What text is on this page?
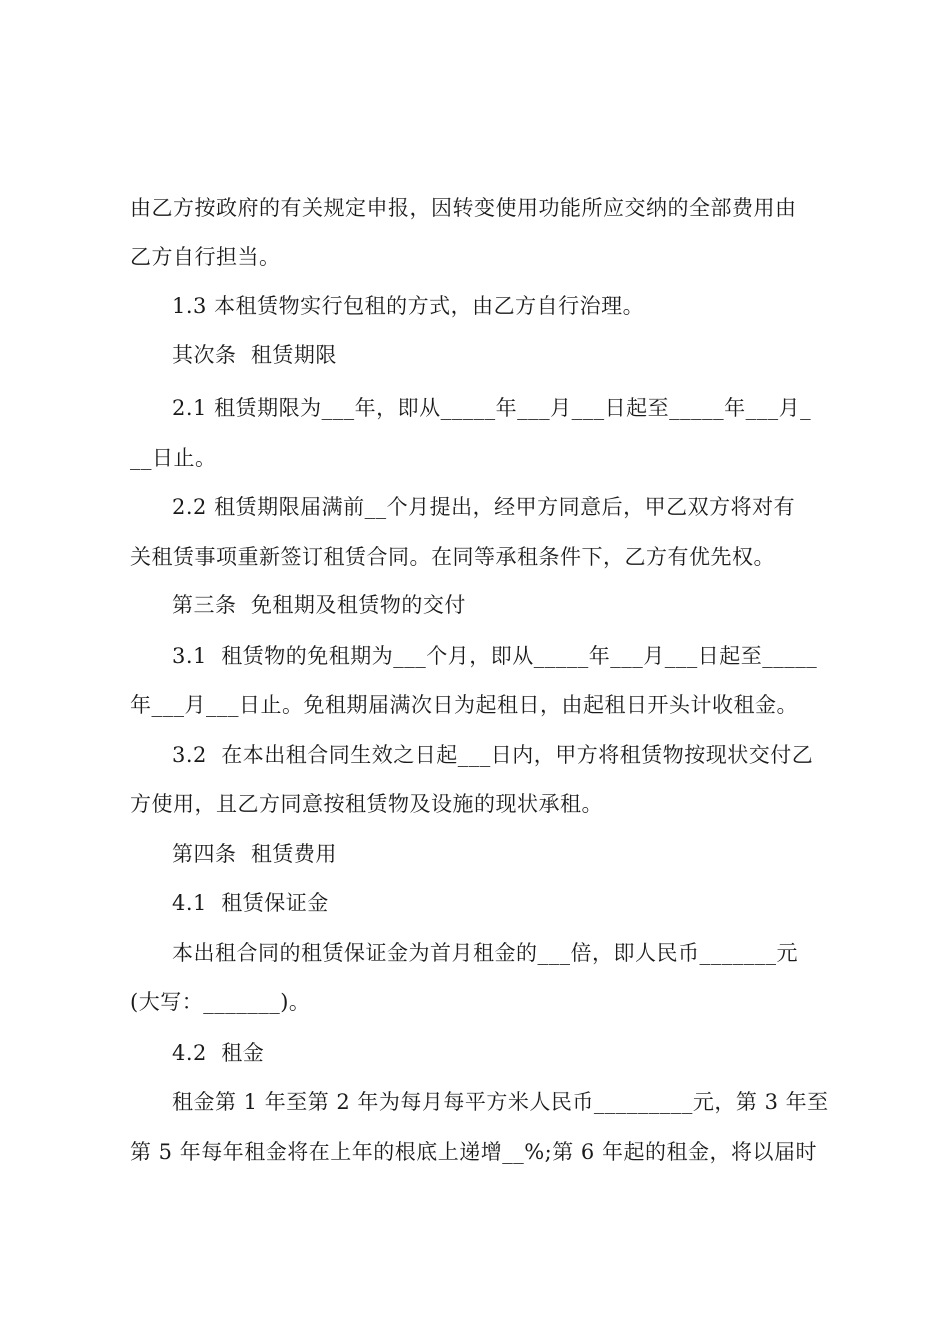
由乙方按政府的有关规定申报，因转变使用功能所应交纳的全部费用由
乙方自行担当。
1.3 本租赁物实行包租的方式，由乙方自行治理。
其次条  租赁期限
2.1 租赁期限为___年，即从_____年___月___日起至_____年___月_
__日止。
2.2 租赁期限届满前__个月提出，经甲方同意后，甲乙双方将对有
关租赁事项重新签订租赁合同。在同等承租条件下，乙方有优先权。
第三条  免租期及租赁物的交付
3.1  租赁物的免租期为___个月，即从_____年___月___日起至_____
年___月___日止。免租期届满次日为起租日，由起租日开头计收租金。
3.2  在本出租合同生效之日起___日内，甲方将租赁物按现状交付乙
方使用，且乙方同意按租赁物及设施的现状承租。
第四条  租赁费用
4.1  租赁保证金
本出租合同的租赁保证金为首月租金的___倍，即人民币_______元
(大写：_______)。
4.2  租金
租金第 1 年至第 2 年为每月每平方米人民币_________元，第 3 年至
第 5 年每年租金将在上年的根底上递增__%;第 6 年起的租金，将以届时
